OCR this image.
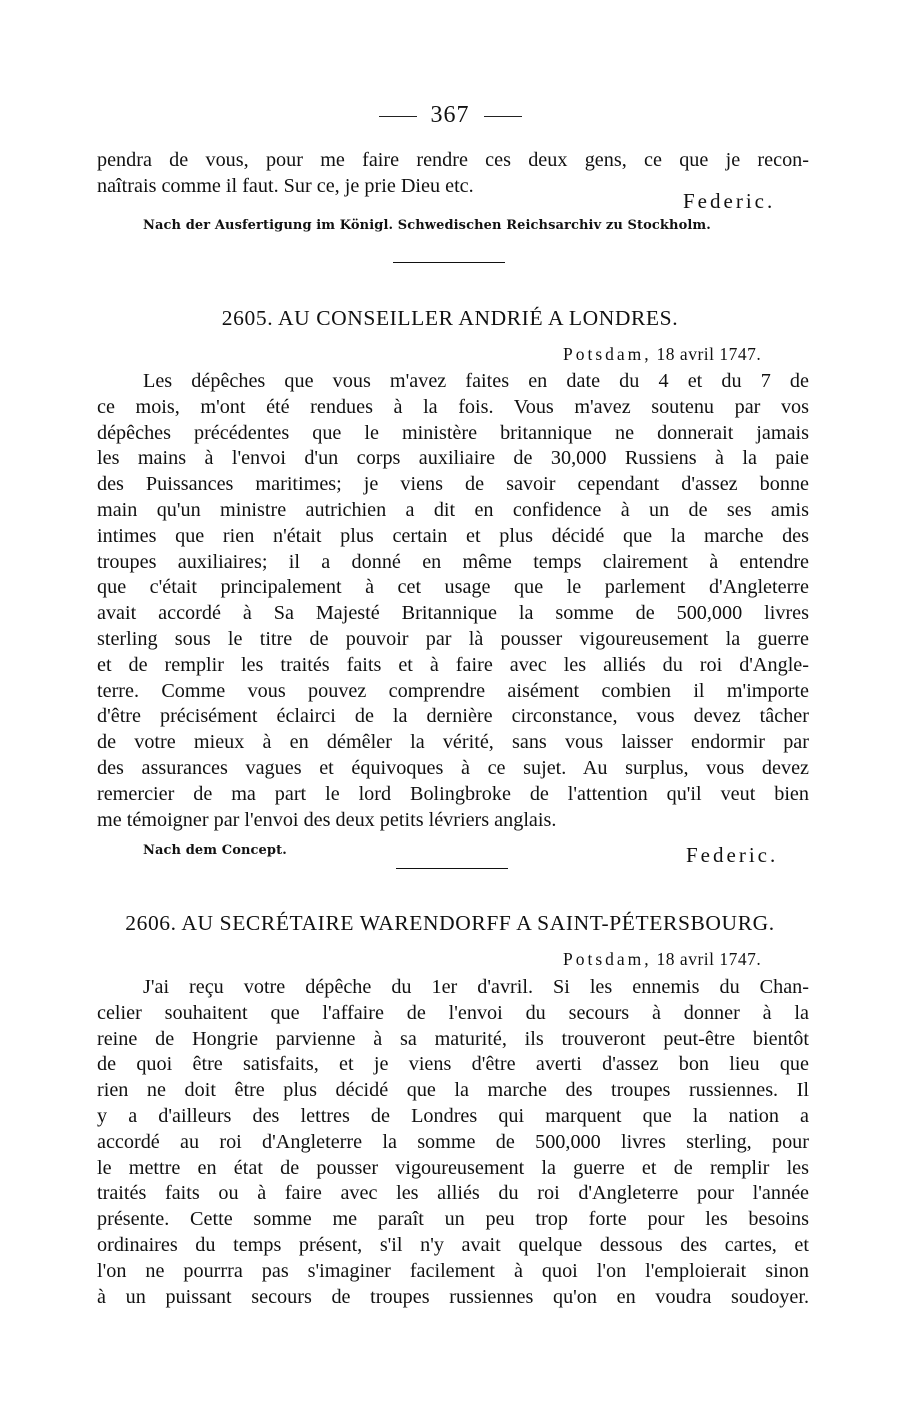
367

pendra de vous, pour me faire rendre ces deux gens, ce que je recon-

naîtrais comme il faut. Sur ce, je prie Dieu etc.

Federic.
Nach der Ausfertigung im Königl. Schwedischen Reichsarchiv zu Stockholm.
2605. AU CONSEILLER ANDRIÉ A LONDRES.
Potsdam, 18 avril 1747.

Les dépêches que vous m'avez faites en date du 4 et du 7 de

ce mois, m'ont été rendues à la fois. Vous m'avez soutenu par vos

dépêches précédentes que le ministère britannique ne donnerait jamais

les mains à l'envoi d'un corps auxiliaire de 30,000 Russiens à la paie

des Puissances maritimes; je viens de savoir cependant d'assez bonne

main qu'un ministre autrichien a dit en confidence à un de ses amis

intimes que rien n'était plus certain et plus décidé que la marche des

troupes auxiliaires; il a donné en même temps clairement à entendre

que c'était principalement à cet usage que le parlement d'Angleterre

avait accordé à Sa Majesté Britannique la somme de 500,000 livres

sterling sous le titre de pouvoir par là pousser vigoureusement la guerre

et de remplir les traités faits et à faire avec les alliés du roi d'Angle-

terre. Comme vous pouvez comprendre aisément combien il m'importe

d'être précisément éclairci de la dernière circonstance, vous devez tâcher

de votre mieux à en démêler la vérité, sans vous laisser endormir par

des assurances vagues et équivoques à ce sujet. Au surplus, vous devez

remercier de ma part le lord Bolingbroke de l'attention qu'il veut bien

me témoigner par l'envoi des deux petits lévriers anglais.

Nach dem Concept.	Federic.
2606. AU SECRÉTAIRE WARENDORFF A SAINT-PÉTERSBOURG.
Potsdam, 18 avril 1747.

J'ai reçu votre dépêche du 1er d'avril. Si les ennemis du Chan-

celier souhaitent que l'affaire de l'envoi du secours à donner à la

reine de Hongrie parvienne à sa maturité, ils trouveront peut-être bientôt

de quoi être satisfaits, et je viens d'être averti d'assez bon lieu que

rien ne doit être plus décidé que la marche des troupes russiennes. Il

y a d'ailleurs des lettres de Londres qui marquent que la nation a

accordé au roi d'Angleterre la somme de 500,000 livres sterling, pour

le mettre en état de pousser vigoureusement la guerre et de remplir les

traités faits ou à faire avec les alliés du roi d'Angleterre pour l'année

présente. Cette somme me paraît un peu trop forte pour les besoins

ordinaires du temps présent, s'il n'y avait quelque dessous des cartes, et

l'on ne pourrra pas s'imaginer facilement à quoi l'on l'emploierait sinon

à un puissant secours de troupes russiennes qu'on en voudra soudoyer.
